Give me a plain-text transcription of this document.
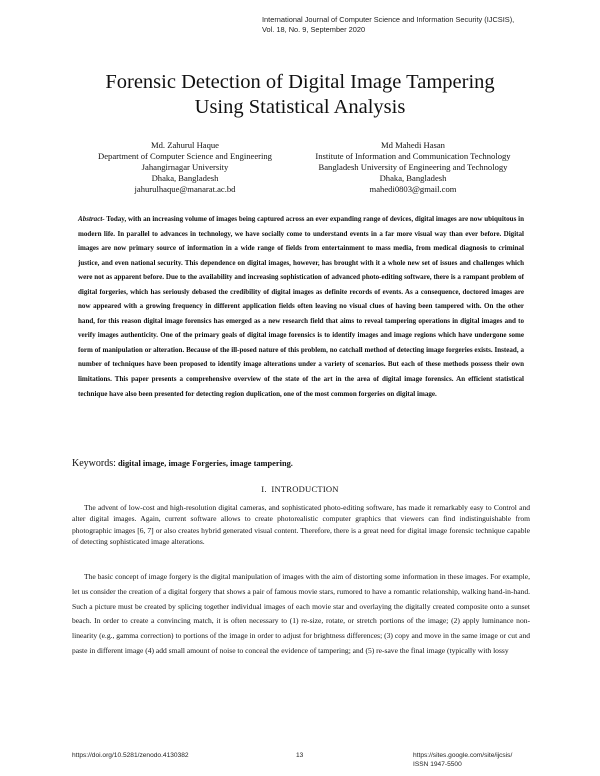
International Journal of Computer Science and Information Security (IJCSIS),
Vol. 18, No. 9, September 2020
Forensic Detection of Digital Image Tampering
Using Statistical Analysis
Md. Zahurul Haque
Department of Computer Science and Engineering
Jahangirnagar University
Dhaka, Bangladesh
jahurulhaque@manarat.ac.bd
Md Mahedi Hasan
Institute of Information and Communication Technology
Bangladesh University of Engineering and Technology
Dhaka, Bangladesh
mahedi0803@gmail.com

Abstract- Today, with an increasing volume of images being captured across an ever expanding range of devices, digital images are now ubiquitous in modern life. In parallel to advances in technology, we have socially come to understand events in a far more visual way than ever before. Digital images are now primary source of information in a wide range of fields from entertainment to mass media, from medical diagnosis to criminal justice, and even national security. This dependence on digital images, however, has brought with it a whole new set of issues and challenges which were not as apparent before. Due to the availability and increasing sophistication of advanced photo-editing software, there is a rampant problem of digital forgeries, which has seriously debased the credibility of digital images as definite records of events. As a consequence, doctored images are now appeared with a growing frequency in different application fields often leaving no visual clues of having been tampered with. On the other hand, for this reason digital image forensics has emerged as a new research field that aims to reveal tampering operations in digital images and to verify images authenticity. One of the primary goals of digital image forensics is to identify images and image regions which have undergone some form of manipulation or alteration. Because of the ill-posed nature of this problem, no catchall method of detecting image forgeries exists. Instead, a number of techniques have been proposed to identify image alterations under a variety of scenarios. But each of these methods possess their own limitations. This paper presents a comprehensive overview of the state of the art in the area of digital image forensics. An efficient statistical technique have also been presented for detecting region duplication, one of the most common forgeries on digital image.

Keywords: digital image, image Forgeries, image tampering.
I. INTRODUCTION

The advent of low-cost and high-resolution digital cameras, and sophisticated photo-editing software, has made it remarkably easy to Control and alter digital images. Again, current software allows to create photorealistic computer graphics that viewers can find indistinguishable from photographic images [6, 7] or also creates hybrid generated visual content. Therefore, there is a great need for digital image forensic technique capable of detecting sophisticated image alterations.

The basic concept of image forgery is the digital manipulation of images with the aim of distorting some information in these images. For example, let us consider the creation of a digital forgery that shows a pair of famous movie stars, rumored to have a romantic relationship, walking hand-in-hand. Such a picture must be created by splicing together individual images of each movie star and overlaying the digitally created composite onto a sunset beach. In order to create a convincing match, it is often necessary to (1) re-size, rotate, or stretch portions of the image; (2) apply luminance non-linearity (e.g., gamma correction) to portions of the image in order to adjust for brightness differences; (3) copy and move in the same image or cut and paste in different image (4) add small amount of noise to conceal the evidence of tampering; and (5) re-save the final image (typically with lossy

https://doi.org/10.5281/zenodo.4130382	13	https://sites.google.com/site/ijcsis/
ISSN 1947-5500
